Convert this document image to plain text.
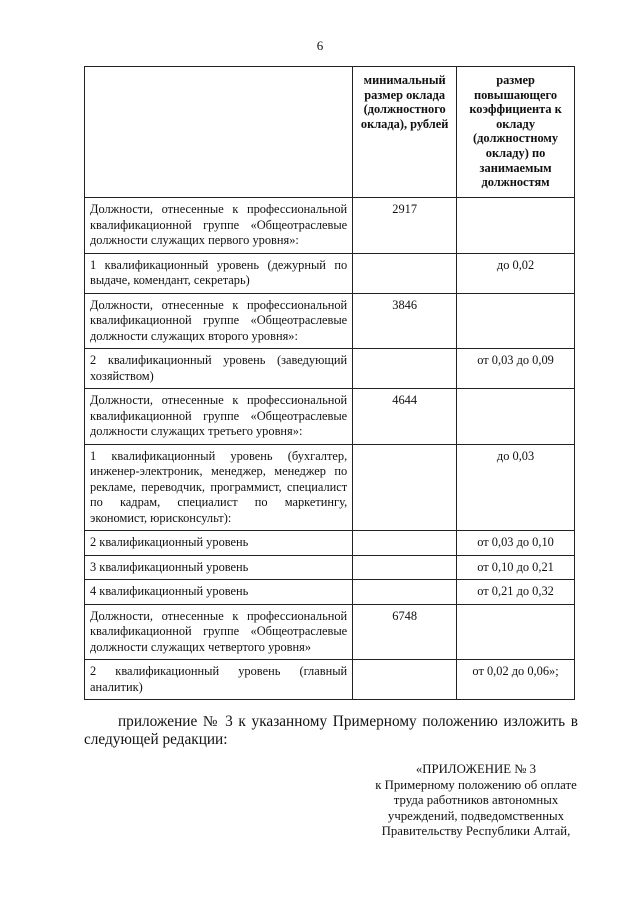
6
	минимальный размер оклада (должностного оклада), рублей	размер повышающего коэффициента к окладу (должностному окладу) по занимаемым должностям
Должности, отнесенные к профессиональной квалификационной группе «Общеотраслевые должности служащих первого уровня»:	2917	
1 квалификационный уровень (дежурный по выдаче, комендант, секретарь)		до 0,02
Должности, отнесенные к профессиональной квалификационной группе «Общеотраслевые должности служащих второго уровня»:	3846	
2 квалификационный уровень (заведующий хозяйством)		от 0,03 до 0,09
Должности, отнесенные к профессиональной квалификационной группе «Общеотраслевые должности служащих третьего уровня»:	4644	
1 квалификационный уровень (бухгалтер, инженер-электроник, менеджер, менеджер по рекламе, переводчик, программист, специалист по кадрам, специалист по маркетингу, экономист, юрисконсульт):		до 0,03
2 квалификационный уровень		от 0,03 до 0,10
3 квалификационный уровень		от 0,10 до 0,21
4 квалификационный уровень		от 0,21 до 0,32
Должности, отнесенные к профессиональной квалификационной группе «Общеотраслевые должности служащих четвертого уровня»	6748	
2 квалификационный уровень (главный аналитик)		от 0,02 до 0,06»;

приложение № 3 к указанному Примерному положению изложить в следующей редакции:

«ПРИЛОЖЕНИЕ № 3
к Примерному положению об оплате
труда работников автономных
учреждений, подведомственных
Правительству Республики Алтай,
